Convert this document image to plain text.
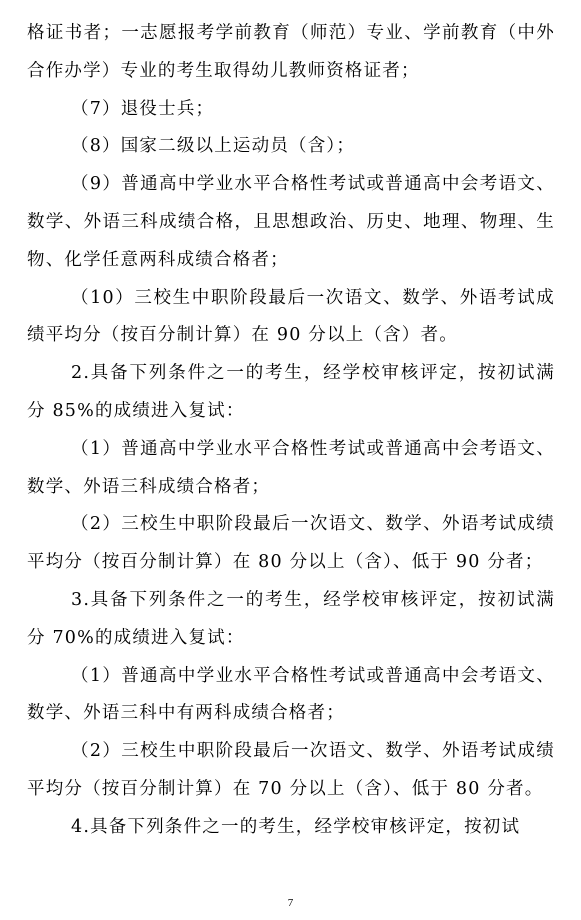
格证书者；一志愿报考学前教育（师范）专业、学前教育（中外合作办学）专业的考生取得幼儿教师资格证者；

（7）退役士兵；

（8）国家二级以上运动员（含）；

（9）普通高中学业水平合格性考试或普通高中会考语文、数学、外语三科成绩合格，且思想政治、历史、地理、物理、生物、化学任意两科成绩合格者；

（10）三校生中职阶段最后一次语文、数学、外语考试成绩平均分（按百分制计算）在 90 分以上（含）者。

2.具备下列条件之一的考生，经学校审核评定，按初试满分 85%的成绩进入复试：

（1）普通高中学业水平合格性考试或普通高中会考语文、数学、外语三科成绩合格者；

（2）三校生中职阶段最后一次语文、数学、外语考试成绩平均分（按百分制计算）在 80 分以上（含）、低于 90 分者；

3.具备下列条件之一的考生，经学校审核评定，按初试满分 70%的成绩进入复试：

（1）普通高中学业水平合格性考试或普通高中会考语文、数学、外语三科中有两科成绩合格者；

（2）三校生中职阶段最后一次语文、数学、外语考试成绩平均分（按百分制计算）在 70 分以上（含）、低于 80 分者。

4.具备下列条件之一的考生，经学校审核评定，按初试

7
